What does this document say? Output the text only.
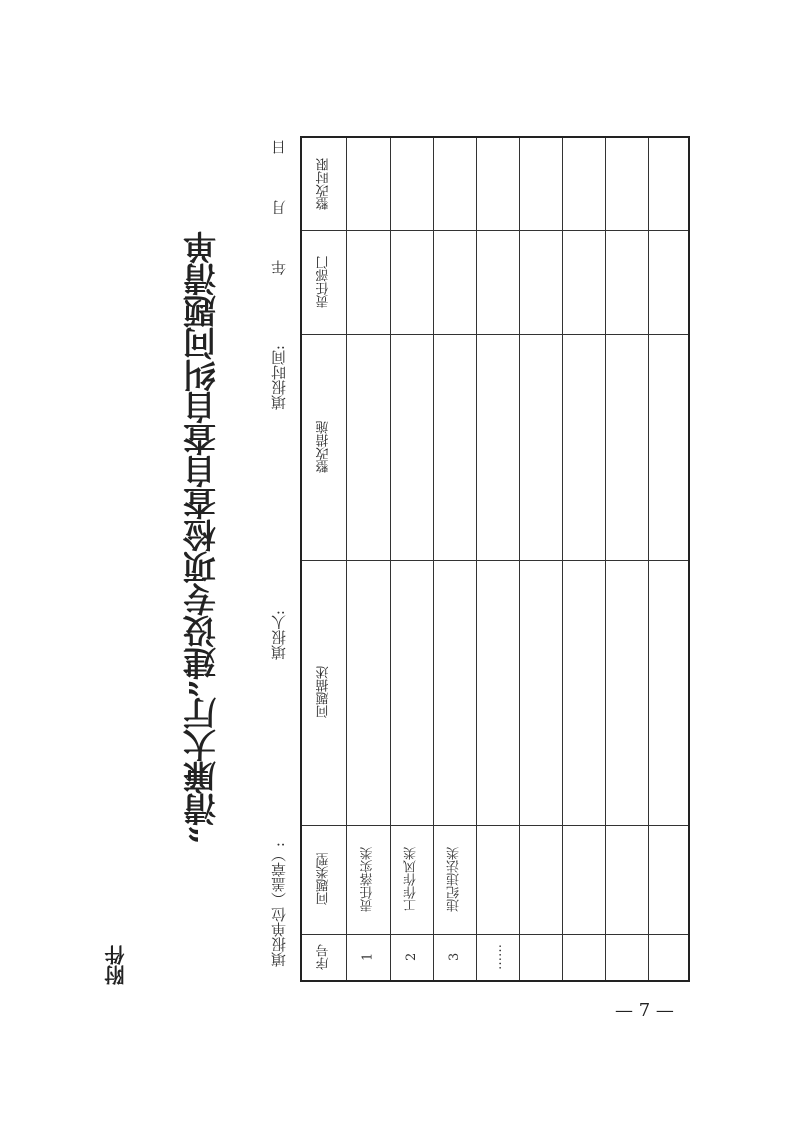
附件
“清廉大厅”建设专项检查自查自纠问题清单
填报单位（盖章）:
填报人:
填报时间:
年
月
日
整改时限
责任部门
整改措施
问题描述
问题类型
序号
责任落实类
1
工作作风类
2
违纪违法类
3	……
— 7 —
